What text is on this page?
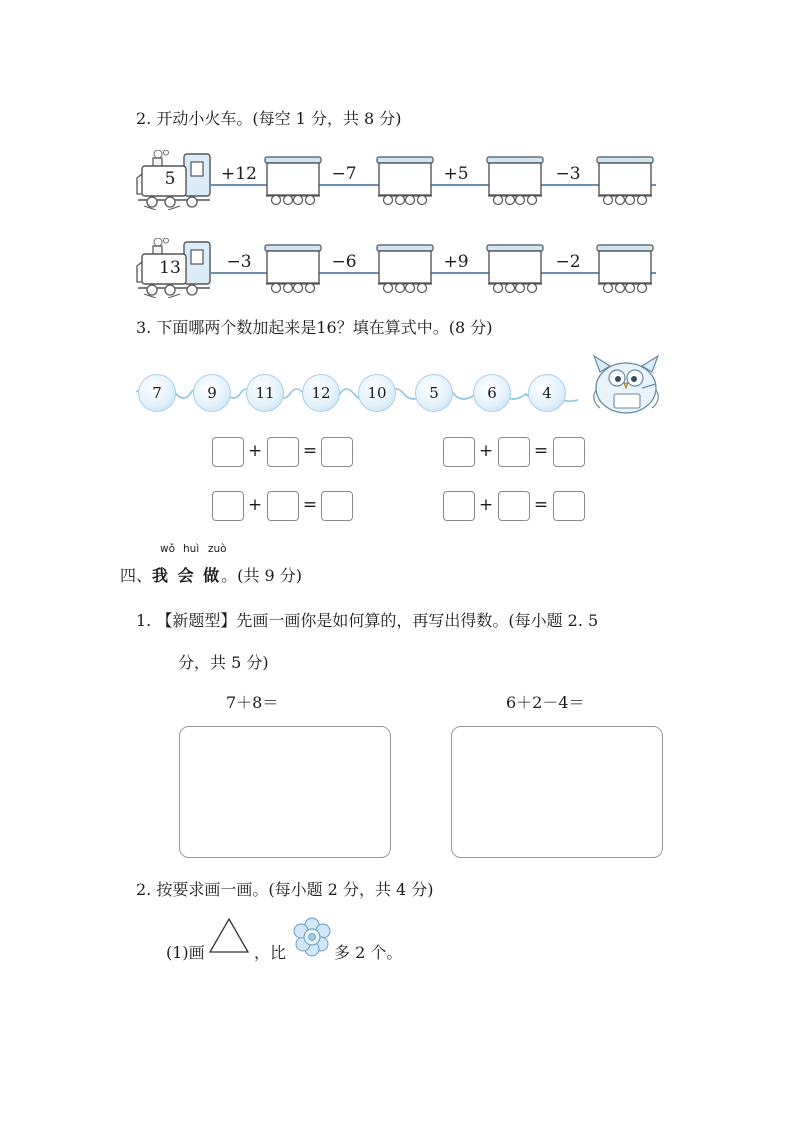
2. 开动小火车。(每空 1 分，共 8 分)
5	+12	−7	+5	−3
13	−3	−6	+9	−2
3. 下面哪两个数加起来是16？填在算式中。(8 分)
7	9	11	12	10	5	6	4
+ =	+ =
+ =	+ =
wǒ huì zuò
四、我 会 做。(共 9 分)
1. 【新题型】先画一画你是如何算的，再写出得数。(每小题 2. 5
分，共 5 分)
7＋8＝	6＋2－4＝
2. 按要求画一画。(每小题 2 分，共 4 分)
(1)画	，比	多 2 个。
